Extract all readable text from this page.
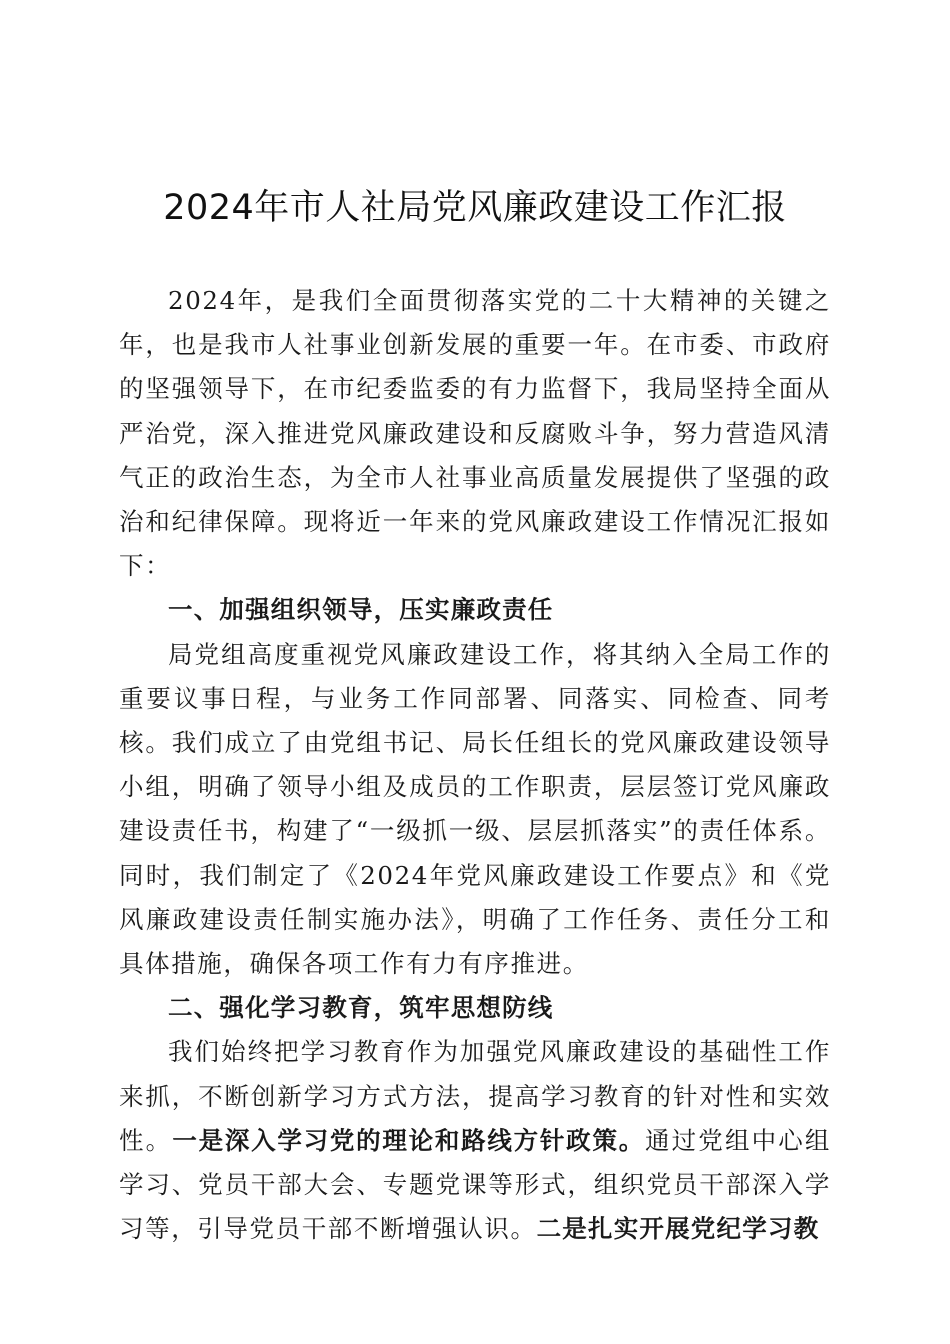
2024年市人社局党风廉政建设工作汇报

2024年，是我们全面贯彻落实党的二十大精神的关键之年，也是我市人社事业创新发展的重要一年。在市委、市政府的坚强领导下，在市纪委监委的有力监督下，我局坚持全面从严治党，深入推进党风廉政建设和反腐败斗争，努力营造风清气正的政治生态，为全市人社事业高质量发展提供了坚强的政治和纪律保障。现将近一年来的党风廉政建设工作情况汇报如下：

一、加强组织领导，压实廉政责任

局党组高度重视党风廉政建设工作，将其纳入全局工作的重要议事日程，与业务工作同部署、同落实、同检查、同考核。我们成立了由党组书记、局长任组长的党风廉政建设领导小组，明确了领导小组及成员的工作职责，层层签订党风廉政建设责任书，构建了“一级抓一级、层层抓落实”的责任体系。同时，我们制定了《2024年党风廉政建设工作要点》和《党风廉政建设责任制实施办法》，明确了工作任务、责任分工和具体措施，确保各项工作有力有序推进。

二、强化学习教育，筑牢思想防线

我们始终把学习教育作为加强党风廉政建设的基础性工作来抓，不断创新学习方式方法，提高学习教育的针对性和实效性。一是深入学习党的理论和路线方针政策。通过党组中心组学习、党员干部大会、专题党课等形式，组织党员干部深入学习等，引导党员干部不断增强认识。二是扎实开展党纪学习教
